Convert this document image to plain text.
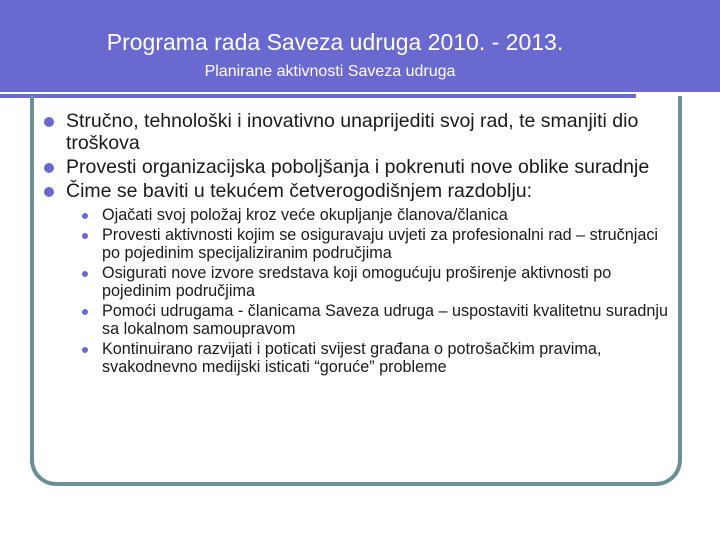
Programa rada Saveza udruga 2010. - 2013.
Planirane aktivnosti Saveza udruga
Stručno, tehnološki i inovativno unaprijediti svoj rad, te smanjiti dio troškova
Provesti organizacijska poboljšanja i pokrenuti nove oblike suradnje
Čime se baviti u tekućem četverogodišnjem razdoblju:
Ojačati svoj položaj kroz veće okupljanje članova/članica
Provesti aktivnosti kojim se osiguravaju uvjeti za profesionalni rad – stručnjaci po pojedinim specijaliziranim područjima
Osigurati nove izvore sredstava koji omogućuju proširenje aktivnosti po pojedinim područjima
Pomoći udrugama - članicama Saveza udruga – uspostaviti kvalitetnu suradnju sa lokalnom samoupravom
Kontinuirano razvijati i poticati svijest građana o potrošačkim pravima, svakodnevno medijski isticati “goruće” probleme
